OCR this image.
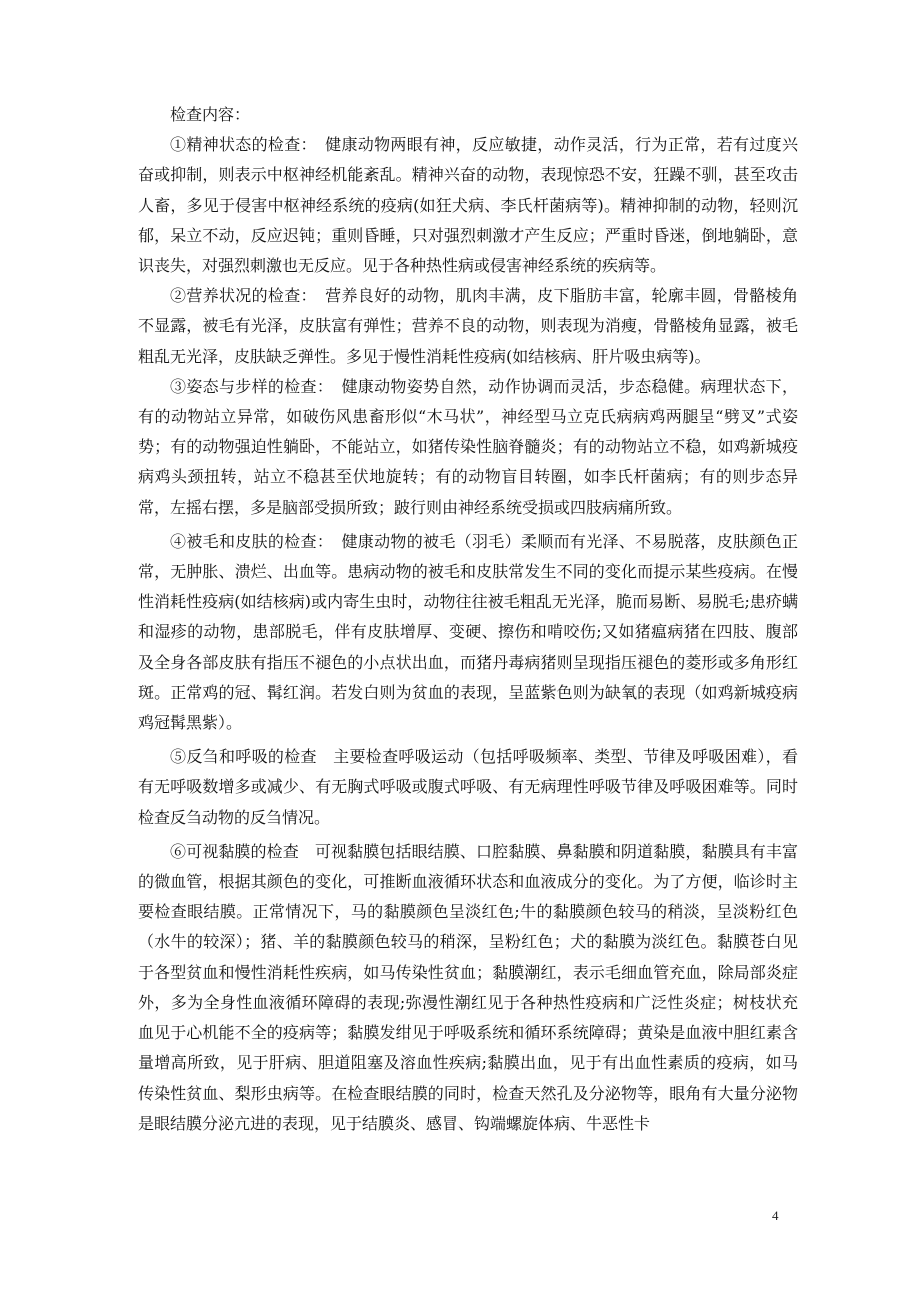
检查内容：

①精神状态的检查：　健康动物两眼有神，反应敏捷，动作灵活，行为正常，若有过度兴奋或抑制，则表示中枢神经机能紊乱。精神兴奋的动物，表现惊恐不安，狂躁不驯，甚至攻击人畜，多见于侵害中枢神经系统的疫病(如狂犬病、李氏杆菌病等)。精神抑制的动物，轻则沉郁，呆立不动，反应迟钝；重则昏睡，只对强烈刺激才产生反应；严重时昏迷，倒地躺卧，意识丧失，对强烈刺激也无反应。见于各种热性病或侵害神经系统的疾病等。

②营养状况的检查：　营养良好的动物，肌肉丰满，皮下脂肪丰富，轮廓丰圆，骨骼棱角不显露，被毛有光泽，皮肤富有弹性；营养不良的动物，则表现为消瘦，骨骼棱角显露，被毛粗乱无光泽，皮肤缺乏弹性。多见于慢性消耗性疫病(如结核病、肝片吸虫病等)。

③姿态与步样的检查：　健康动物姿势自然，动作协调而灵活，步态稳健。病理状态下，有的动物站立异常，如破伤风患畜形似“木马状”，神经型马立克氏病病鸡两腿呈“劈叉”式姿势；有的动物强迫性躺卧，不能站立，如猪传染性脑脊髓炎；有的动物站立不稳，如鸡新城疫病鸡头颈扭转，站立不稳甚至伏地旋转；有的动物盲目转圈，如李氏杆菌病；有的则步态异常，左摇右摆，多是脑部受损所致；跛行则由神经系统受损或四肢病痛所致。

④被毛和皮肤的检查：　健康动物的被毛（羽毛）柔顺而有光泽、不易脱落，皮肤颜色正常，无肿胀、溃烂、出血等。患病动物的被毛和皮肤常发生不同的变化而提示某些疫病。在慢性消耗性疫病(如结核病)或内寄生虫时，动物往往被毛粗乱无光泽，脆而易断、易脱毛;患疥螨和湿疹的动物，患部脱毛，伴有皮肤增厚、变硬、擦伤和啃咬伤;又如猪瘟病猪在四肢、腹部及全身各部皮肤有指压不褪色的小点状出血，而猪丹毒病猪则呈现指压褪色的菱形或多角形红斑。正常鸡的冠、髯红润。若发白则为贫血的表现，呈蓝紫色则为缺氧的表现（如鸡新城疫病鸡冠髯黑紫）。

⑤反刍和呼吸的检查　主要检查呼吸运动（包括呼吸频率、类型、节律及呼吸困难），看有无呼吸数增多或减少、有无胸式呼吸或腹式呼吸、有无病理性呼吸节律及呼吸困难等。同时检查反刍动物的反刍情况。

⑥可视黏膜的检查　可视黏膜包括眼结膜、口腔黏膜、鼻黏膜和阴道黏膜，黏膜具有丰富的微血管，根据其颜色的变化，可推断血液循环状态和血液成分的变化。为了方便，临诊时主要检查眼结膜。正常情况下，马的黏膜颜色呈淡红色;牛的黏膜颜色较马的稍淡，呈淡粉红色（水牛的较深）；猪、羊的黏膜颜色较马的稍深，呈粉红色；犬的黏膜为淡红色。黏膜苍白见于各型贫血和慢性消耗性疾病，如马传染性贫血；黏膜潮红，表示毛细血管充血，除局部炎症外，多为全身性血液循环障碍的表现;弥漫性潮红见于各种热性疫病和广泛性炎症；树枝状充血见于心机能不全的疫病等；黏膜发绀见于呼吸系统和循环系统障碍；黄染是血液中胆红素含量增高所致，见于肝病、胆道阻塞及溶血性疾病;黏膜出血，见于有出血性素质的疫病，如马传染性贫血、梨形虫病等。在检查眼结膜的同时，检查天然孔及分泌物等，眼角有大量分泌物是眼结膜分泌亢进的表现，见于结膜炎、感冒、钩端螺旋体病、牛恶性卡

4
